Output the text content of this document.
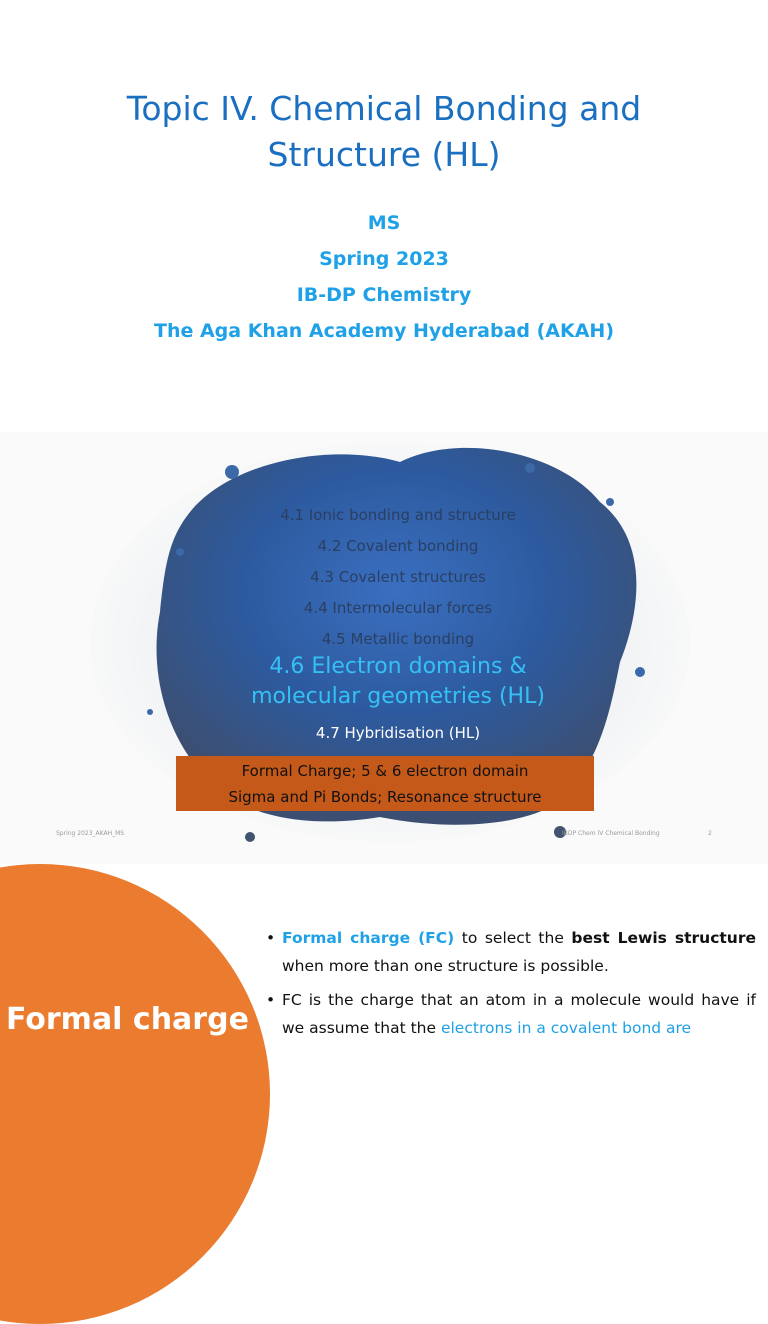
Topic IV. Chemical Bonding and
Structure (HL)
MS
Spring 2023
IB-DP Chemistry
The Aga Khan Academy Hyderabad (AKAH)
4.1 Ionic bonding and structure
4.2 Covalent bonding
4.3 Covalent structures
4.4 Intermolecular forces
4.5 Metallic bonding
4.6 Electron domains &
molecular geometries (HL)
4.7 Hybridisation (HL)
Formal Charge; 5 & 6 electron domain
Sigma and Pi Bonds; Resonance structure
Spring 2023_AKAH_MS	IBDP Chem IV Chemical Bonding	2
Formal charge
• Formal charge (FC) to select the best Lewis structure when more than one structure is possible.
• FC is the charge that an atom in a molecule would have if we assume that the electrons in a covalent bond are
